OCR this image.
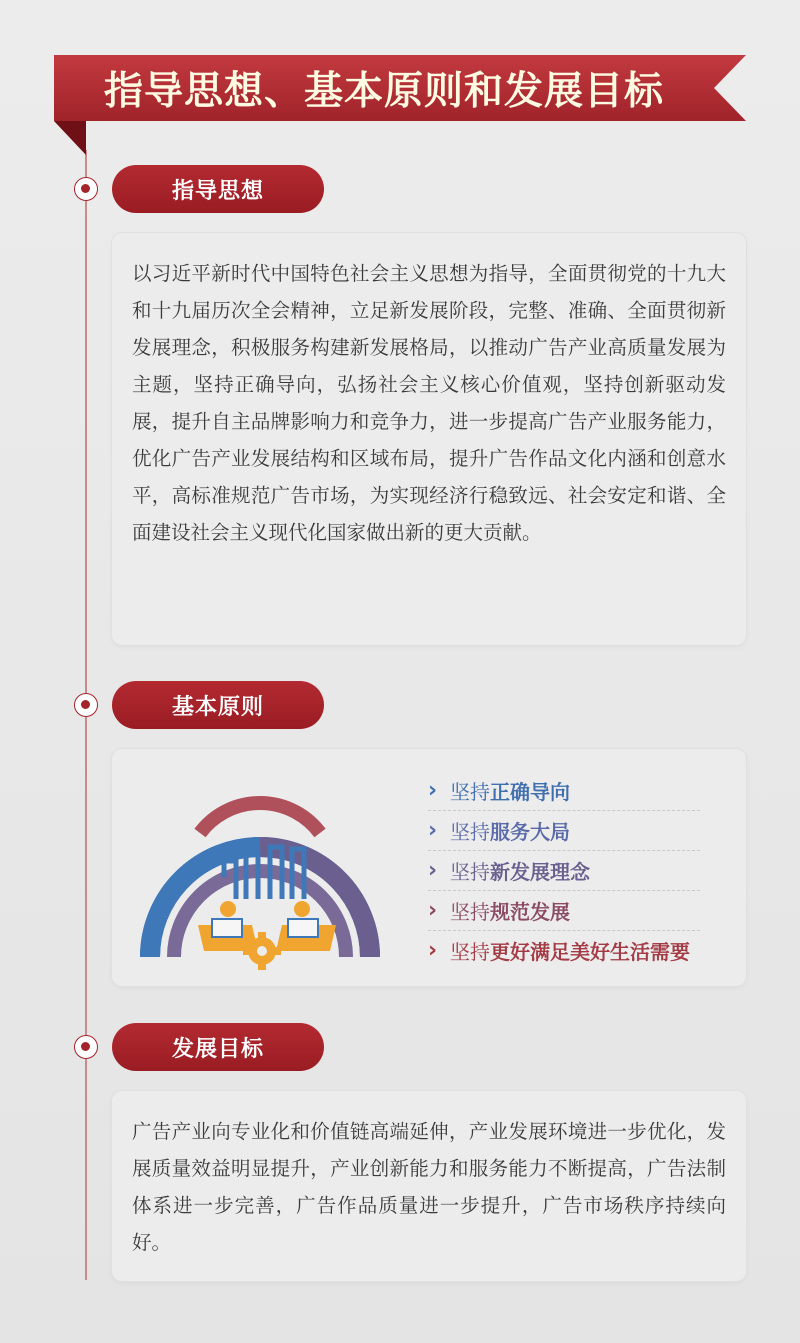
指导思想、基本原则和发展目标
指导思想
以习近平新时代中国特色社会主义思想为指导，全面贯彻党的十九大和十九届历次全会精神，立足新发展阶段，完整、准确、全面贯彻新发展理念，积极服务构建新发展格局，以推动广告产业高质量发展为主题，坚持正确导向，弘扬社会主义核心价值观，坚持创新驱动发展，提升自主品牌影响力和竞争力，进一步提高广告产业服务能力，优化广告产业发展结构和区域布局，提升广告作品文化内涵和创意水平，高标准规范广告市场，为实现经济行稳致远、社会安定和谐、全面建设社会主义现代化国家做出新的更大贡献。
基本原则
› 坚持 正确导向
› 坚持 服务大局
› 坚持 新发展理念
› 坚持 规范发展
› 坚持 更好满足美好生活需要
发展目标
广告产业向专业化和价值链高端延伸，产业发展环境进一步优化，发展质量效益明显提升，产业创新能力和服务能力不断提高，广告法制体系进一步完善，广告作品质量进一步提升，广告市场秩序持续向好。
